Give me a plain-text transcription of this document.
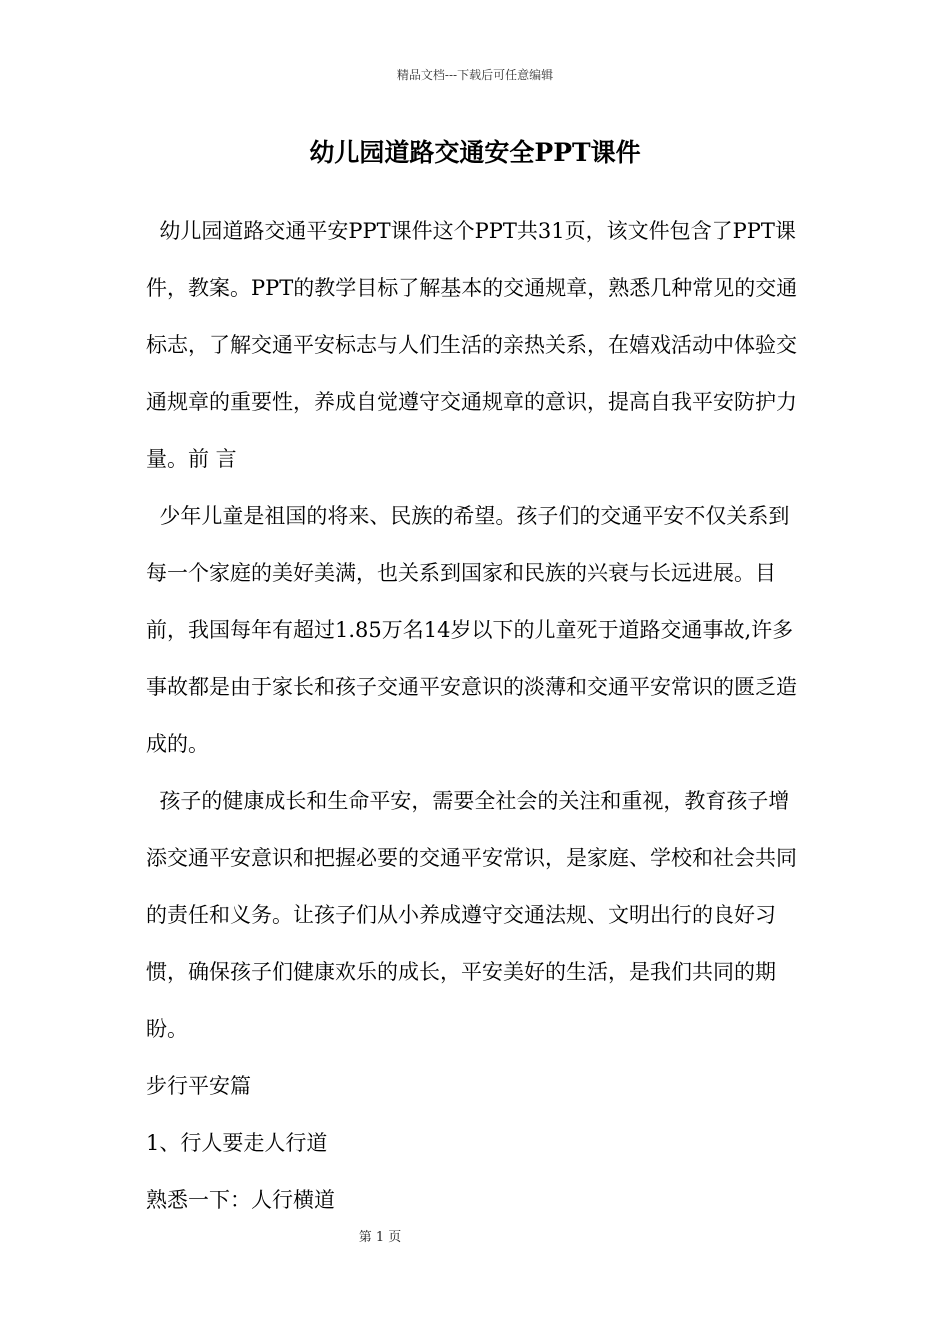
精品文档---下载后可任意编辑
幼儿园道路交通安全PPT课件

幼儿园道路交通平安PPT课件这个PPT共31页，该文件包含了PPT课件，教案。PPT的教学目标了解基本的交通规章，熟悉几种常见的交通标志，了解交通平安标志与人们生活的亲热关系，在嬉戏活动中体验交通规章的重要性，养成自觉遵守交通规章的意识，提高自我平安防护力量。前 言

少年儿童是祖国的将来、民族的希望。孩子们的交通平安不仅关系到每一个家庭的美好美满，也关系到国家和民族的兴衰与长远进展。目前，我国每年有超过1.85万名14岁以下的儿童死于道路交通事故,许多事故都是由于家长和孩子交通平安意识的淡薄和交通平安常识的匮乏造成的。

孩子的健康成长和生命平安，需要全社会的关注和重视，教育孩子增添交通平安意识和把握必要的交通平安常识，是家庭、学校和社会共同的责任和义务。让孩子们从小养成遵守交通法规、文明出行的良好习惯，确保孩子们健康欢乐的成长，平安美好的生活，是我们共同的期盼。

步行平安篇

1、行人要走人行道

熟悉一下：人行横道

第 1 页
